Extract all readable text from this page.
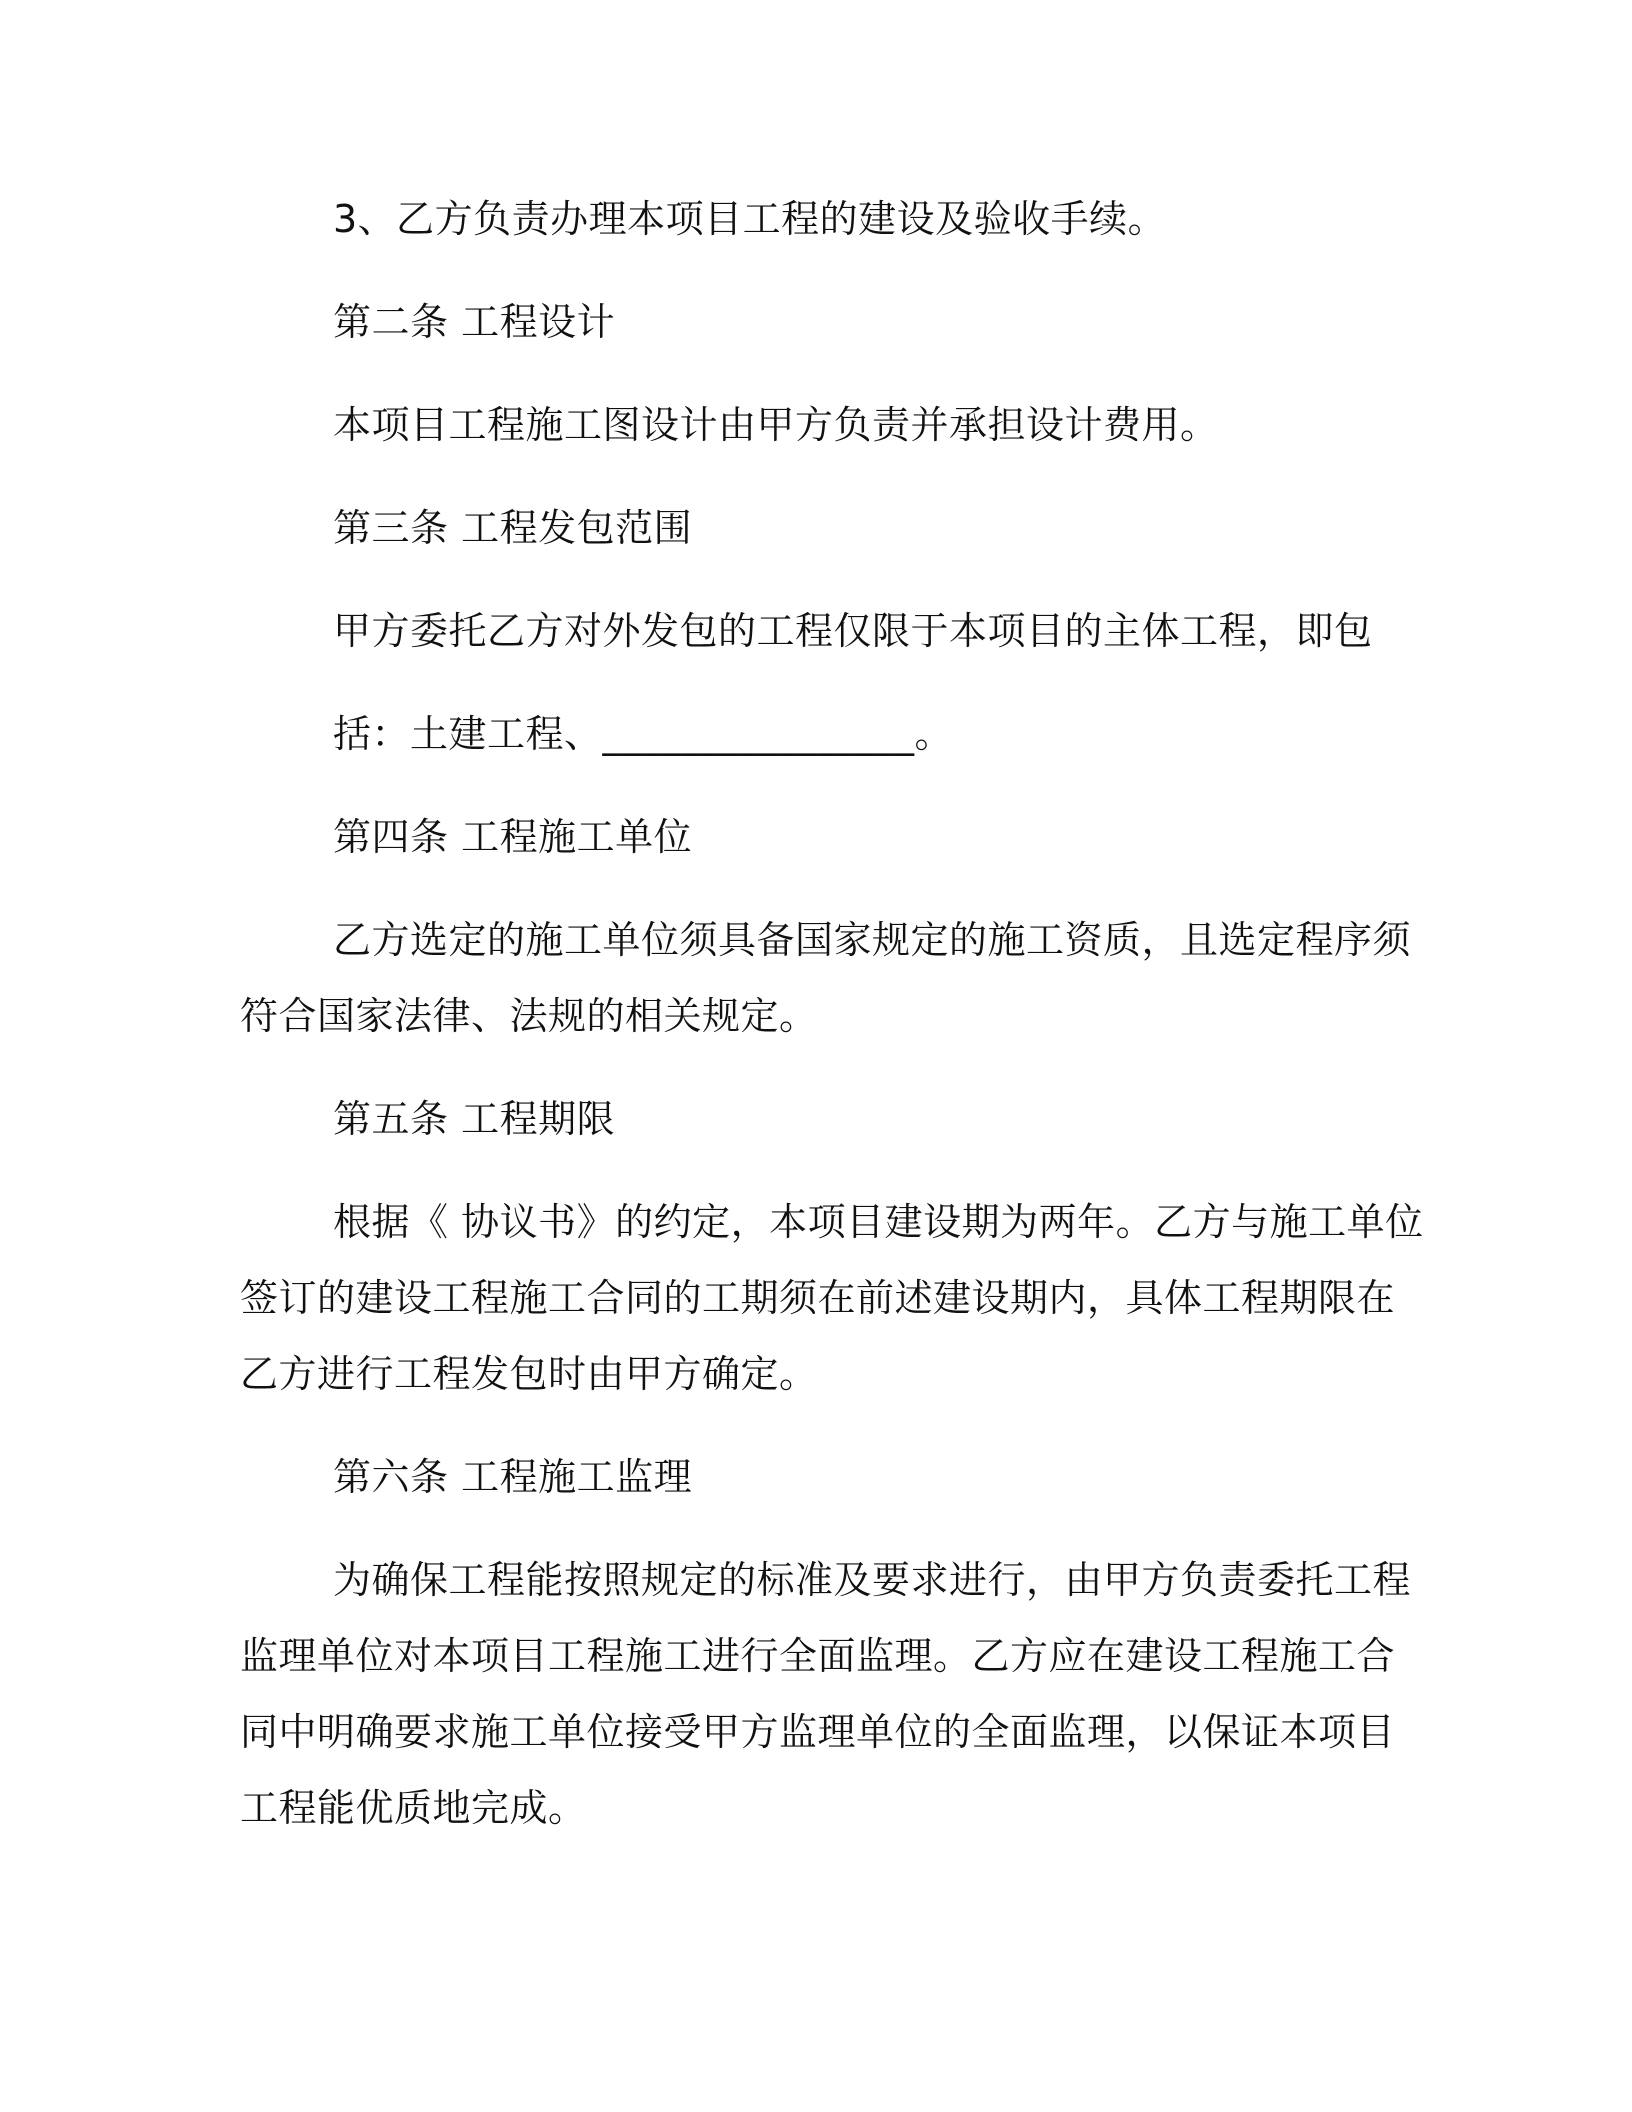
3、乙方负责办理本项目工程的建设及验收手续。
第二条 工程设计
本项目工程施工图设计由甲方负责并承担设计费用。
第三条 工程发包范围
甲方委托乙方对外发包的工程仅限于本项目的主体工程，即包
括：土建工程、________________。
第四条 工程施工单位
乙方选定的施工单位须具备国家规定的施工资质，且选定程序须
符合国家法律、法规的相关规定。
第五条 工程期限
根据《 协议书》的约定，本项目建设期为两年。乙方与施工单位
签订的建设工程施工合同的工期须在前述建设期内，具体工程期限在
乙方进行工程发包时由甲方确定。
第六条 工程施工监理
为确保工程能按照规定的标准及要求进行，由甲方负责委托工程
监理单位对本项目工程施工进行全面监理。乙方应在建设工程施工合
同中明确要求施工单位接受甲方监理单位的全面监理，以保证本项目
工程能优质地完成。
